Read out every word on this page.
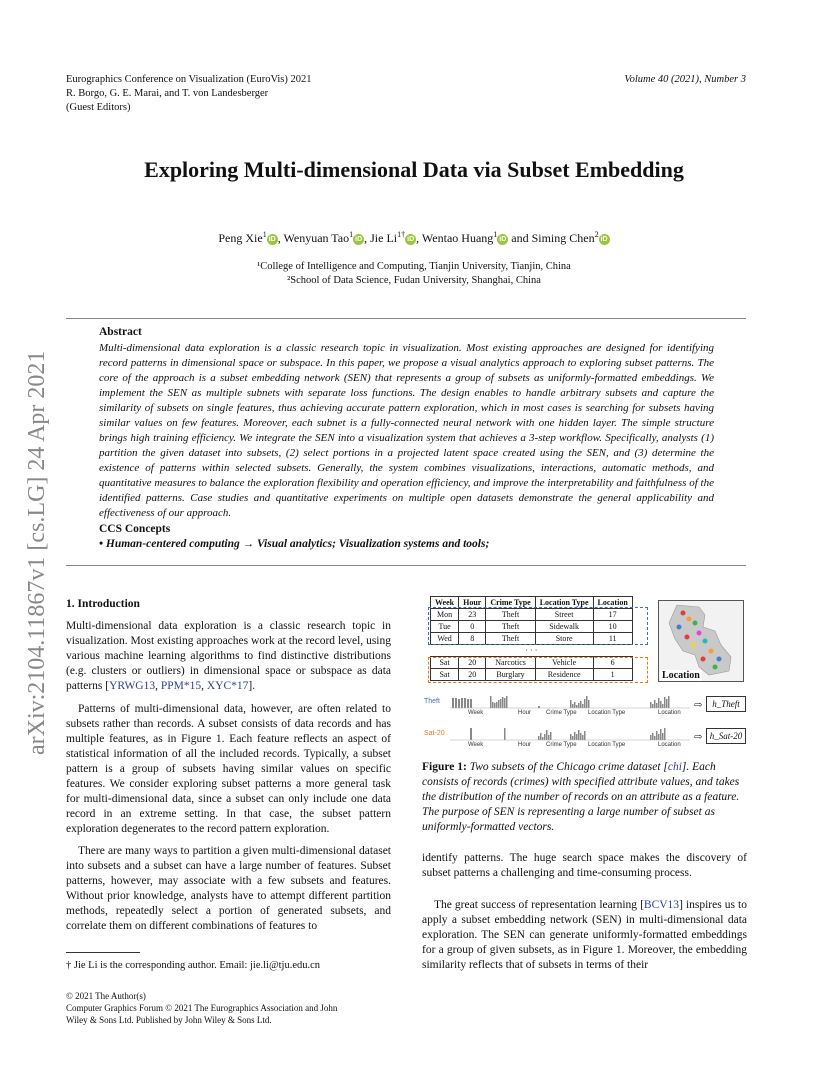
Eurographics Conference on Visualization (EuroVis) 2021
R. Borgo, G. E. Marai, and T. von Landesberger
(Guest Editors)
Volume 40 (2021), Number 3
arXiv:2104.11867v1 [cs.LG] 24 Apr 2021
Exploring Multi-dimensional Data via Subset Embedding
Peng Xie$^1$iD , Wenyuan Tao$^1$iD , Jie $Li^{1\dagger}iD$ , Wentao Huang$^1$iD and Siming Chen$^2$iD
¹College of Intelligence and Computing, Tianjin University, Tianjin, China
²School of Data Science, Fudan University, Shanghai, China
Abstract
Multi-dimensional data exploration is a classic research topic in visualization. Most existing approaches are designed for identifying record patterns in dimensional space or subspace. In this paper, we propose a visual analytics approach to exploring subset patterns. The core of the approach is a subset embedding network (SEN) that represents a group of subsets as uniformly-formatted embeddings. We implement the SEN as multiple subnets with separate loss functions. The design enables to handle arbitrary subsets and capture the similarity of subsets on single features, thus achieving accurate pattern exploration, which in most cases is searching for subsets having similar values on few features. Moreover, each subnet is a fully-connected neural network with one hidden layer. The simple structure brings high training efficiency. We integrate the SEN into a visualization system that achieves a 3-step workflow. Specifically, analysts (1) partition the given dataset into subsets, (2) select portions in a projected latent space created using the SEN, and (3) determine the existence of patterns within selected subsets. Generally, the system combines visualizations, interactions, automatic methods, and quantitative measures to balance the exploration flexibility and operation efficiency, and improve the interpretability and faithfulness of the identified patterns. Case studies and quantitative experiments on multiple open datasets demonstrate the general applicability and effectiveness of our approach.
CCS Concepts
• Human-centered computing → Visual analytics; Visualization systems and tools;
1. Introduction
Multi-dimensional data exploration is a classic research topic in visualization. Most existing approaches work at the record level, using various machine learning algorithms to find distinctive distributions (e.g. clusters or outliers) in dimensional space or subspace as data patterns [YRWG13, PPM*15, XYC*17].
Patterns of multi-dimensional data, however, are often related to subsets rather than records. A subset consists of data records and has multiple features, as in Figure 1. Each feature reflects an aspect of statistical information of all the included records. Typically, a subset pattern is a group of subsets having similar values on specific features. We consider exploring subset patterns a more general task for multi-dimensional data, since a subset can only include one data record in an extreme setting. In that case, the subset pattern exploration degenerates to the record pattern exploration.
There are many ways to partition a given multi-dimensional dataset into subsets and a subset can have a large number of features. Subset patterns, however, may associate with a few subsets and features. Without prior knowledge, analysts have to attempt different partition methods, repeatedly select a portion of generated subsets, and correlate them on different combinations of features to
† Jie Li is the corresponding author. Email: jie.li@tju.edu.cn
© 2021 The Author(s)
Computer Graphics Forum © 2021 The Eurographics Association and John
Wiley & Sons Ltd. Published by John Wiley & Sons Ltd.
Week	Hour	Crime Type	Location Type	Location
Mon	23	Theft	Street	17
Tue	0	Theft	Sidewalk	10
Wed	8	Theft	Store	11
· · ·				
Sat	20	Narcotics	Vehicle	6
Sat	20	Burglary	Residence	1	Location
Theft
Week	Hour Crime Type Location Type	Location
⇨	h_Theft
Sat-20
Week	Hour Crime Type Location Type	Location
⇨ h_Sat-20
Figure 1: Two subsets of the Chicago crime dataset [chi]. Each consists of records (crimes) with specified attribute values, and takes the distribution of the number of records on an attribute as a feature. The purpose of SEN is representing a large number of subset as uniformly-formatted vectors.
identify patterns. The huge search space makes the discovery of subset patterns a challenging and time-consuming process.
The great success of representation learning [BCV13] inspires us to apply a subset embedding network (SEN) in multi-dimensional data exploration. The SEN can generate uniformly-formatted embeddings for a group of given subsets, as in Figure 1. Moreover, the embedding similarity reflects that of subsets in terms of their
